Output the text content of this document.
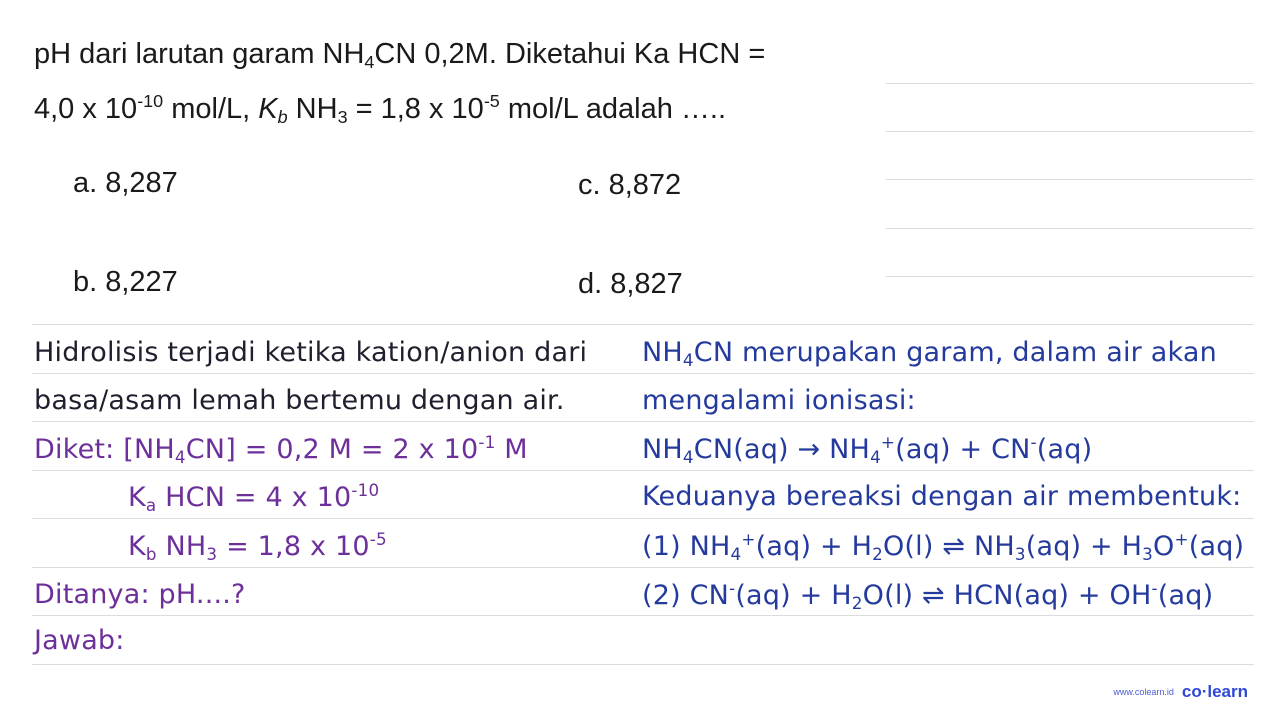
pH dari larutan garam $NH_4CN$ 0,2M. Diketahui Ka HCN =
4,0 x $10^{-10}$ mol/L, $K_b$ $NH_3 = 1,8$ x $10^{-5}$ mol/L adalah …..
a. 8,287	c. 8,872
b. 8,227	d. 8,827
Hidrolisis terjadi ketika kation/anion dari
basa/asam lemah bertemu dengan air.
Diket: $[NH_4CN] = 0,2$ M = 2 x $10^{-1}$ M
$K_a$ HCN = 4 x $10^{-10}$
$K_b$ $NH_3 = 1,8$ x $10^{-5}$
Ditanya: pH....?
Jawab:
$NH_4CN$ merupakan garam, dalam air akan
mengalami ionisasi:
$NH_4CN(aq) \to NH_4^+(aq) + CN^-(aq)$
Keduanya bereaksi dengan air membentuk:
(1) $NH_4^+(aq) + H_2O(l)$ ⇌ $NH_3(aq) + H_3O^+(aq)$
(2) $CN^-(aq) + H_2O(l)$ ⇌ HCN(aq) + OH-(aq)
www.colearn.id co·learn
